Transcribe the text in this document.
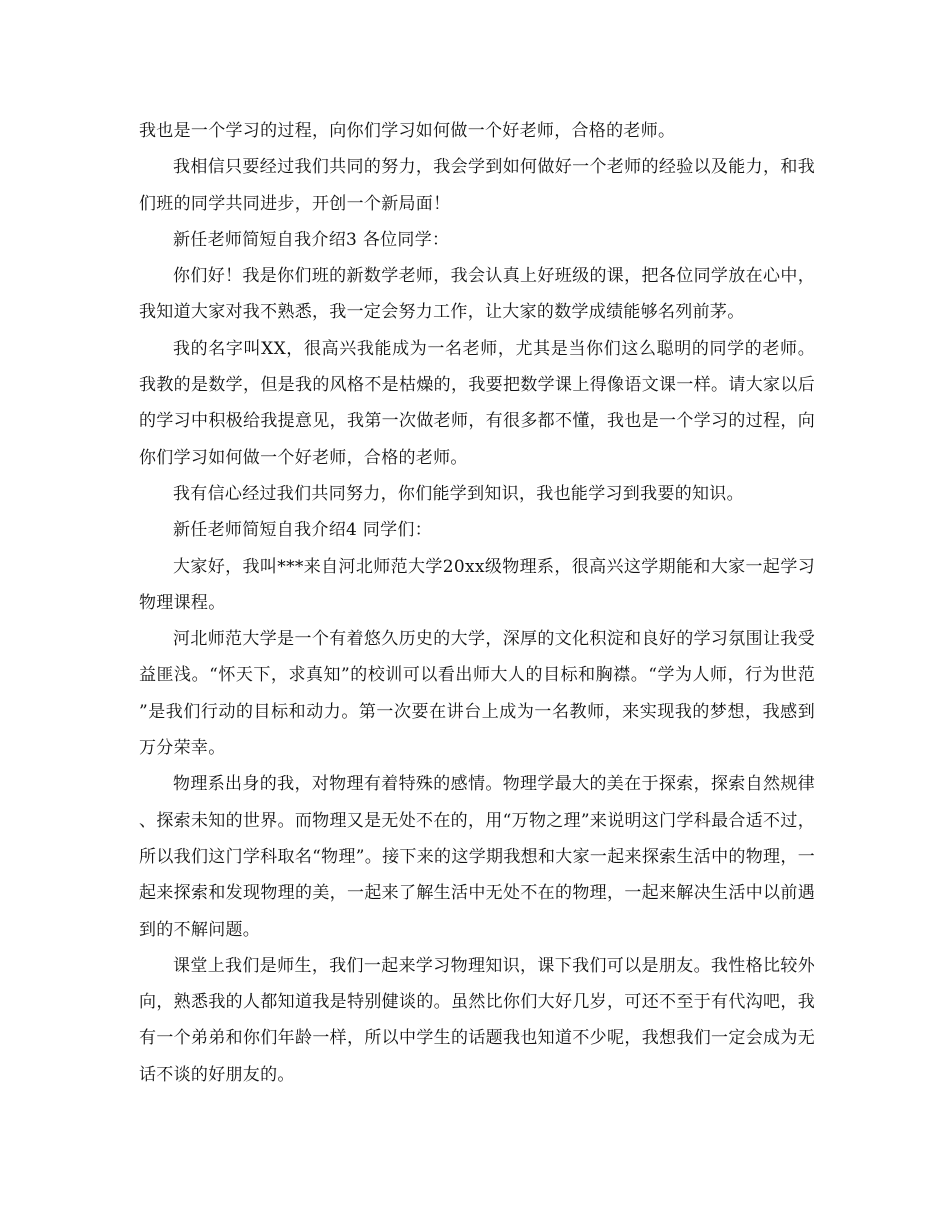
我也是一个学习的过程，向你们学习如何做一个好老师，合格的老师。

我相信只要经过我们共同的努力，我会学到如何做好一个老师的经验以及能力，和我们班的同学共同进步，开创一个新局面！

新任老师简短自我介绍3 各位同学：

你们好！我是你们班的新数学老师，我会认真上好班级的课，把各位同学放在心中，我知道大家对我不熟悉，我一定会努力工作，让大家的数学成绩能够名列前茅。

我的名字叫XX，很高兴我能成为一名老师，尤其是当你们这么聪明的同学的老师。我教的是数学，但是我的风格不是枯燥的，我要把数学课上得像语文课一样。请大家以后的学习中积极给我提意见，我第一次做老师，有很多都不懂，我也是一个学习的过程，向你们学习如何做一个好老师，合格的老师。

我有信心经过我们共同努力，你们能学到知识，我也能学习到我要的知识。

新任老师简短自我介绍4 同学们：

大家好，我叫***来自河北师范大学20xx级物理系，很高兴这学期能和大家一起学习物理课程。

河北师范大学是一个有着悠久历史的大学，深厚的文化积淀和良好的学习氛围让我受益匪浅。“怀天下，求真知”的校训可以看出师大人的目标和胸襟。“学为人师，行为世范”是我们行动的目标和动力。第一次要在讲台上成为一名教师，来实现我的梦想，我感到万分荣幸。

物理系出身的我，对物理有着特殊的感情。物理学最大的美在于探索，探索自然规律、探索未知的世界。而物理又是无处不在的，用“万物之理”来说明这门学科最合适不过，所以我们这门学科取名“物理”。接下来的这学期我想和大家一起来探索生活中的物理，一起来探索和发现物理的美，一起来了解生活中无处不在的物理，一起来解决生活中以前遇到的不解问题。

课堂上我们是师生，我们一起来学习物理知识，课下我们可以是朋友。我性格比较外向，熟悉我的人都知道我是特别健谈的。虽然比你们大好几岁，可还不至于有代沟吧，我有一个弟弟和你们年龄一样，所以中学生的话题我也知道不少呢，我想我们一定会成为无话不谈的好朋友的。
